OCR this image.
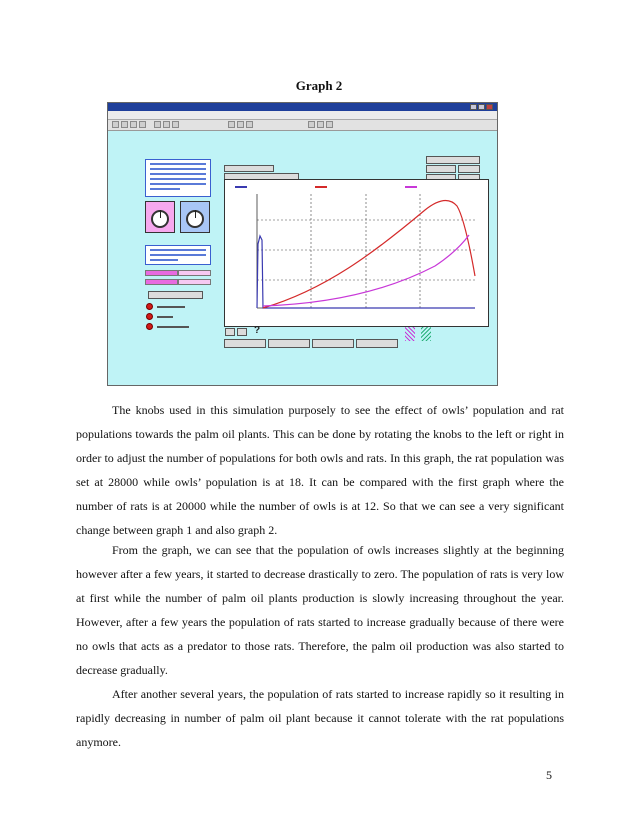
Graph 2
?

The knobs used in this simulation purposely to see the effect of owls’ population and rat populations towards the palm oil plants. This can be done by rotating the knobs to the left or right in order to adjust the number of populations for both owls and rats. In this graph, the rat population was set at 28000 while owls’ population is at 18. It can be compared with the first graph where the number of rats is at 20000 while the number of owls is at 12. So that we can see a very significant change between graph 1 and also graph 2.

From the graph, we can see that the population of owls increases slightly at the beginning however after a few years, it started to decrease drastically to zero. The population of rats is very low at first while the number of palm oil plants production is slowly increasing throughout the year. However, after a few years the population of rats started to increase gradually because of there were no owls that acts as a predator to those rats. Therefore, the palm oil production was also started to decrease gradually.

After another several years, the population of rats started to increase rapidly so it resulting in rapidly decreasing in number of palm oil plant because it cannot tolerate with the rat populations anymore.

5
